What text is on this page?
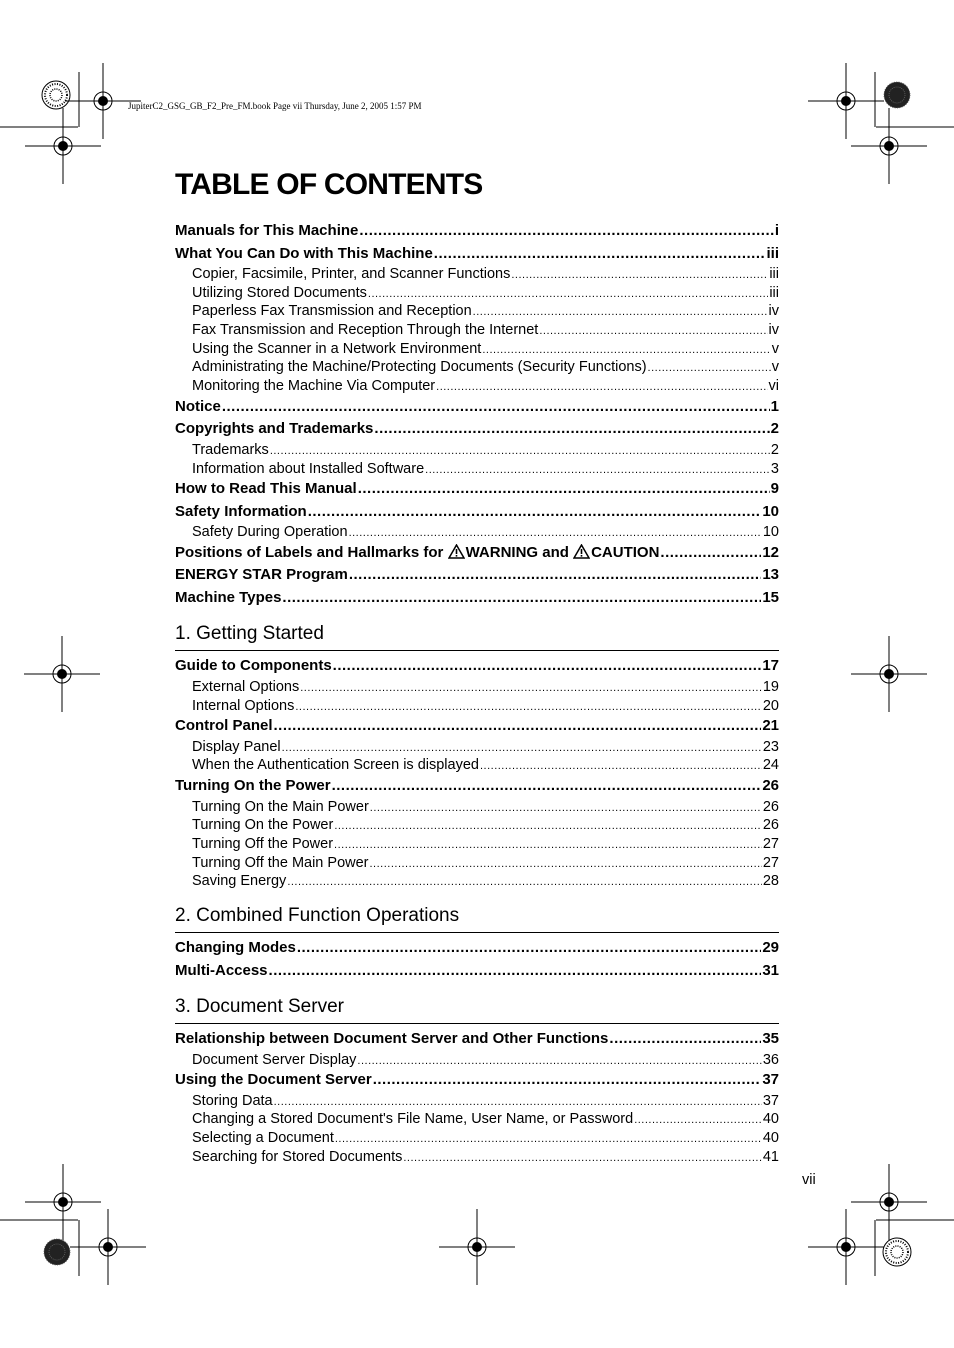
JupiterC2_GSG_GB_F2_Pre_FM.book Page vii Thursday, June 2, 2005 1:57 PM
TABLE OF CONTENTS
Manuals for This Machine .....	i
What You Can Do with This Machine .....	iii
Copier, Facsimile, Printer, and Scanner Functions .....	iii
Utilizing Stored Documents .....	iii
Paperless Fax Transmission and Reception .....	iv
Fax Transmission and Reception Through the Internet .....	iv
Using the Scanner in a Network Environment .....	v
Administrating the Machine/Protecting Documents (Security Functions) .....	v
Monitoring the Machine Via Computer .....	vi
Notice .....	1
Copyrights and Trademarks .....	2
Trademarks .....	2
Information about Installed Software .....	3
How to Read This Manual .....	9
Safety Information .....	10
Safety During Operation .....	10
Positions of Labels and Hallmarks for WARNING and CAUTION .....	12
ENERGY STAR Program .....	13
Machine Types .....	15
1. Getting Started
Guide to Components .....	17
External Options .....	19
Internal Options .....	20
Control Panel .....	21
Display Panel .....	23
When the Authentication Screen is displayed .....	24
Turning On the Power .....	26
Turning On the Main Power .....	26
Turning On the Power .....	26
Turning Off the Power .....	27
Turning Off the Main Power .....	27
Saving Energy .....	28
2. Combined Function Operations
Changing Modes .....	29
Multi-Access .....	31
3. Document Server
Relationship between Document Server and Other Functions .....	35
Document Server Display .....	36
Using the Document Server .....	37
Storing Data .....	37
Changing a Stored Document's File Name, User Name, or Password .....	40
Selecting a Document .....	40
Searching for Stored Documents .....	41
vii
